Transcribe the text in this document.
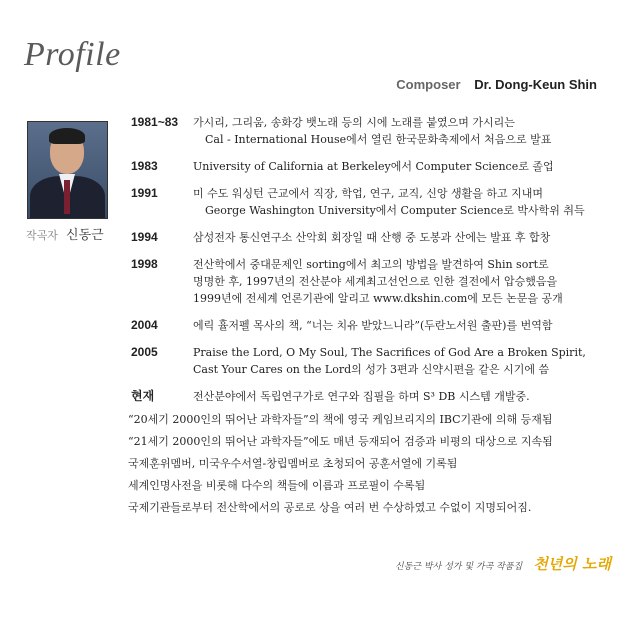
Profile
Composer Dr. Dong-Keun Shin
작곡자 신동근
1981~83	가시리, 그리움, 송화강 뱃노래 등의 시에 노래를 붙였으며 가시리는
Cal - International House에서 열린 한국문화축제에서 처음으로 발표
1983	University of California at Berkeley에서 Computer Science로 졸업
1991	미 수도 워싱턴 근교에서 직장, 학업, 연구, 교직, 신앙 생활을 하고 지내며
George Washington University에서 Computer Science로 박사학위 취득
1994	삼성전자 통신연구소 산악회 회장일 때 산행 중 도봉과 산에는 발표 후 합창
1998	전산학에서 중대문제인 sorting에서 최고의 방법을 발견하여 Shin sort로
명명한 후, 1997년의 전산분야 세계최고선언으로 인한 결전에서 압승했음을
1999년에 전세계 언론기관에 알리고 www.dkshin.com에 모든 논문을 공개
2004	에릭 휼저펠 목사의 책, “너는 치유 받았느니라”(두란노서원 출판)를 번역함
2005	Praise the Lord, O My Soul, The Sacrifices of God Are a Broken Spirit,
Cast Your Cares on the Lord의 성가 3편과 신약시편을 같은 시기에 씀
현재	전산분야에서 독립연구가로 연구와 집필을 하며 S³ DB 시스템 개발중.
“20세기 2000인의 뛰어난 과학자들”의 책에 영국 케임브리지의 IBC기관에 의해 등재됨
“21세기 2000인의 뛰어난 과학자들”에도 매년 등재되어 검증과 비평의 대상으로 지속됨
국제훈위멤버, 미국우수서열-창립멤버로 초청되어 공훈서열에 기록됨
세계인명사전을 비롯해 다수의 책들에 이름과 프로필이 수록됨
국제기관들로부터 전산학에서의 공로로 상을 여러 번 수상하였고 수없이 지명되어짐.
신동근 박사 성가 및 가곡 작품집 천년의 노래
